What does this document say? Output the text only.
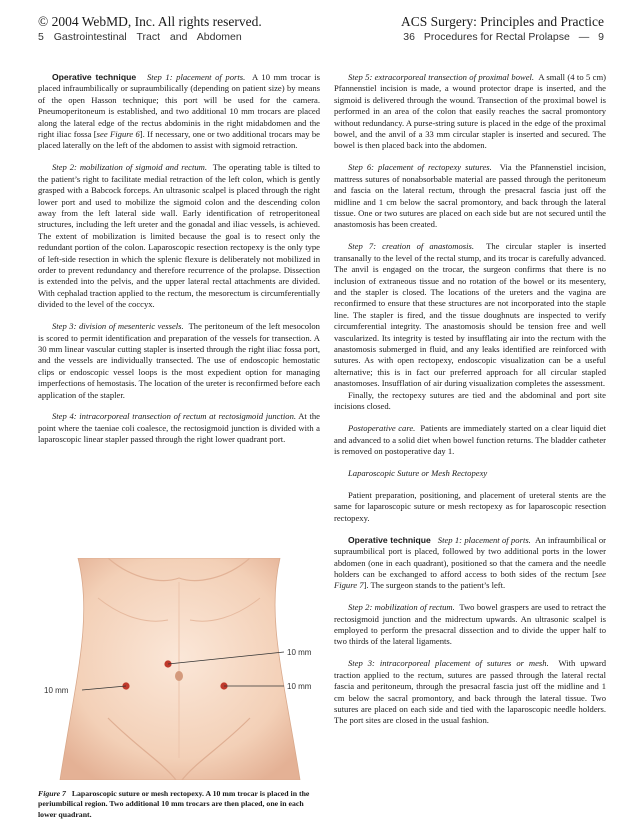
© 2004 WebMD, Inc. All rights reserved.
5 Gastrointestinal Tract and Abdomen
ACS Surgery: Principles and Practice
36 Procedures for Rectal Prolapse — 9

Operative technique Step 1: placement of ports. A 10 mm trocar is placed infraumbilically or supraumbilically (depending on patient size) by means of the open Hasson technique; this port will be used for the camera. Pneumoperitoneum is established, and two additional 10 mm trocars are placed along the lateral edge of the rectus abdominis in the right midabdomen and the right iliac fossa [see Figure 6]. If necessary, one or two additional trocars may be placed laterally on the left of the abdomen to assist with sigmoid retraction.

Step 2: mobilization of sigmoid and rectum. The operating table is tilted to the patient’s right to facilitate medial retraction of the left colon, which is gently grasped with a Babcock forceps. An ultrasonic scalpel is placed through the right lower port and used to mobilize the sigmoid colon and the descending colon away from the left lateral side wall. Early identification of retroperitoneal structures, including the left ureter and the gonadal and iliac vessels, is achieved. The extent of mobilization is limited because the goal is to resect only the redundant portion of the colon. Laparoscopic resection rectopexy is the only type of left-side resection in which the splenic flexure is deliberately not mobilized in order to prevent redundancy and therefore recurrence of the prolapse. Dissection is extended into the pelvis, and the upper lateral rectal attachments are divided. With cephalad traction applied to the rectum, the mesorectum is circumferentially divided to the level of the coccyx.

Step 3: division of mesenteric vessels. The peritoneum of the left mesocolon is scored to permit identification and preparation of the vessels for transection. A 30 mm linear vascular cutting stapler is inserted through the right iliac fossa port, and the vessels are individually transected. The use of endoscopic hemostatic clips or endoscopic vessel loops is the most expedient option for managing imperfections of hemostasis. The location of the ureter is reconfirmed before each application of the stapler.

Step 4: intracorporeal transection of rectum at rectosigmoid junction. At the point where the taeniae coli coalesce, the rectosigmoid junction is divided with a laparoscopic linear stapler passed through the right lower quadrant port.

10 mm
10 mm	10 mm
Figure 7 Laparoscopic suture or mesh rectopexy. A 10 mm trocar is placed in the periumbilical region. Two additional 10 mm trocars are then placed, one in each lower quadrant.

Step 5: extracorporeal transection of proximal bowel. A small (4 to 5 cm) Pfannenstiel incision is made, a wound protector drape is inserted, and the sigmoid is delivered through the wound. Transection of the proximal bowel is performed in an area of the colon that easily reaches the sacral promontory without redundancy. A purse-string suture is placed in the edge of the proximal bowel, and the anvil of a 33 mm circular stapler is inserted and secured. The bowel is then placed back into the abdomen.

Step 6: placement of rectopexy sutures. Via the Pfannenstiel incision, mattress sutures of nonabsorbable material are passed through the peritoneum and fascia on the lateral rectum, through the presacral fascia just off the midline and 1 cm below the sacral promontory, and back through the lateral tissue. One or two sutures are placed on each side but are not secured until the anastomosis has been created.

Step 7: creation of anastomosis. The circular stapler is inserted transanally to the level of the rectal stump, and its trocar is carefully advanced. The anvil is engaged on the trocar, the surgeon confirms that there is no inclusion of extraneous tissue and no rotation of the bowel or its mesentery, and the stapler is closed. The locations of the ureters and the vagina are reconfirmed to ensure that these structures are not incorporated into the staple line. The stapler is fired, and the tissue doughnuts are inspected to verify circumferential integrity. The anastomosis should be tension free and well vascularized. Its integrity is tested by insufflating air into the rectum with the anastomosis submerged in fluid, and any leaks identified are reinforced with sutures. As with open rectopexy, endoscopic visualization can be a useful alternative; this is in fact our preferred approach for all circular stapled anastomoses. Insufflation of air during visualization completes the assessment.

Finally, the rectopexy sutures are tied and the abdominal and port site incisions closed.

Postoperative care. Patients are immediately started on a clear liquid diet and advanced to a solid diet when bowel function returns. The bladder catheter is removed on postoperative day 1.

Laparoscopic Suture or Mesh Rectopexy

Patient preparation, positioning, and placement of ureteral stents are the same for laparoscopic suture or mesh rectopexy as for laparoscopic resection rectopexy.

Operative technique Step 1: placement of ports. An infraumbilical or supraumbilical port is placed, followed by two additional ports in the lower abdomen (one in each quadrant), positioned so that the camera and the needle holders can be exchanged to afford access to both sides of the rectum [see Figure 7]. The surgeon stands to the patient’s left.

Step 2: mobilization of rectum. Two bowel graspers are used to retract the rectosigmoid junction and the midrectum upwards. An ultrasonic scalpel is employed to perform the presacral dissection and to divide the upper half to two thirds of the lateral ligaments.

Step 3: intracorporeal placement of sutures or mesh. With upward traction applied to the rectum, sutures are passed through the lateral rectal fascia and peritoneum, through the presacral fascia just off the midline and 1 cm below the sacral promontory, and back through the lateral tissue. Two sutures are placed on each side and tied with the laparoscopic needle holders. The port sites are closed in the usual fashion.
